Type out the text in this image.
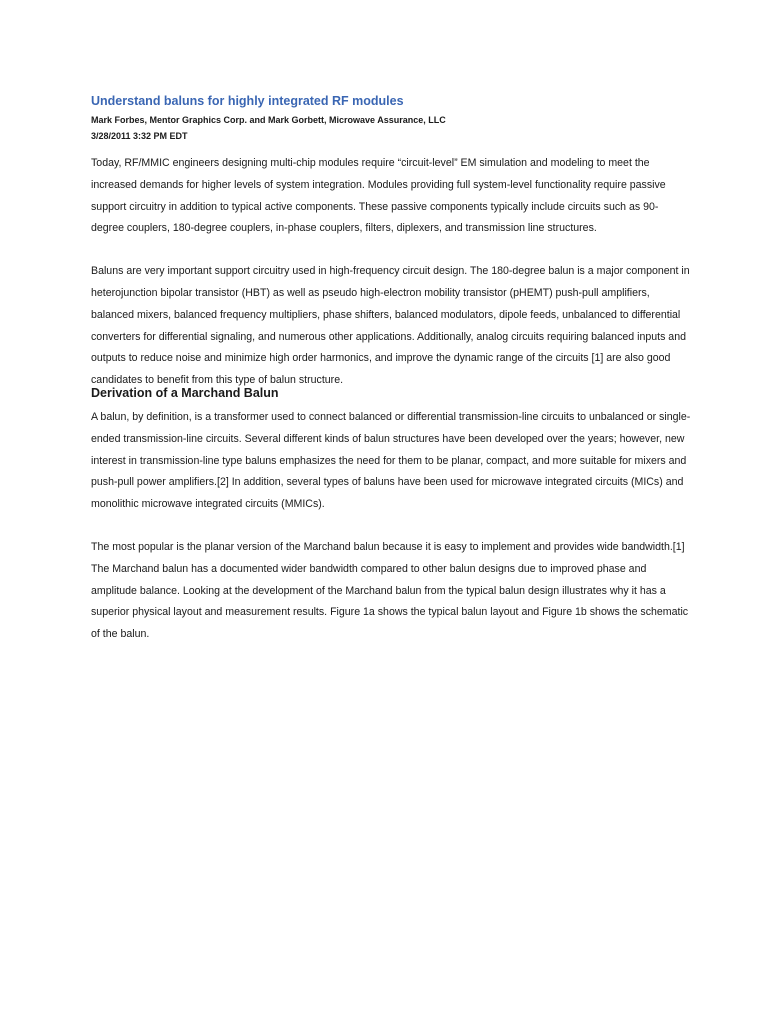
Understand baluns for highly integrated RF modules

Mark Forbes, Mentor Graphics Corp. and Mark Gorbett, Microwave Assurance, LLC

3/28/2011 3:32 PM EDT

Today, RF/MMIC engineers designing multi-chip modules require “circuit-level” EM simulation and modeling to meet the increased demands for higher levels of system integration. Modules providing full system-level functionality require passive support circuitry in addition to typical active components. These passive components typically include circuits such as 90-degree couplers, 180-degree couplers, in-phase couplers, filters, diplexers, and transmission line structures.

Baluns are very important support circuitry used in high-frequency circuit design. The 180-degree balun is a major component in heterojunction bipolar transistor (HBT) as well as pseudo high-electron mobility transistor (pHEMT) push-pull amplifiers, balanced mixers, balanced frequency multipliers, phase shifters, balanced modulators, dipole feeds, unbalanced to differential converters for differential signaling, and numerous other applications. Additionally, analog circuits requiring balanced inputs and outputs to reduce noise and minimize high order harmonics, and improve the dynamic range of the circuits [1] are also good candidates to benefit from this type of balun structure.

Derivation of a Marchand Balun

A balun, by definition, is a transformer used to connect balanced or differential transmission-line circuits to unbalanced or single-ended transmission-line circuits. Several different kinds of balun structures have been developed over the years; however, new interest in transmission-line type baluns emphasizes the need for them to be planar, compact, and more suitable for mixers and push-pull power amplifiers.[2] In addition, several types of baluns have been used for microwave integrated circuits (MICs) and monolithic microwave integrated circuits (MMICs).

The most popular is the planar version of the Marchand balun because it is easy to implement and provides wide bandwidth.[1] The Marchand balun has a documented wider bandwidth compared to other balun designs due to improved phase and amplitude balance. Looking at the development of the Marchand balun from the typical balun design illustrates why it has a superior physical layout and measurement results. Figure 1a shows the typical balun layout and Figure 1b shows the schematic of the balun.
